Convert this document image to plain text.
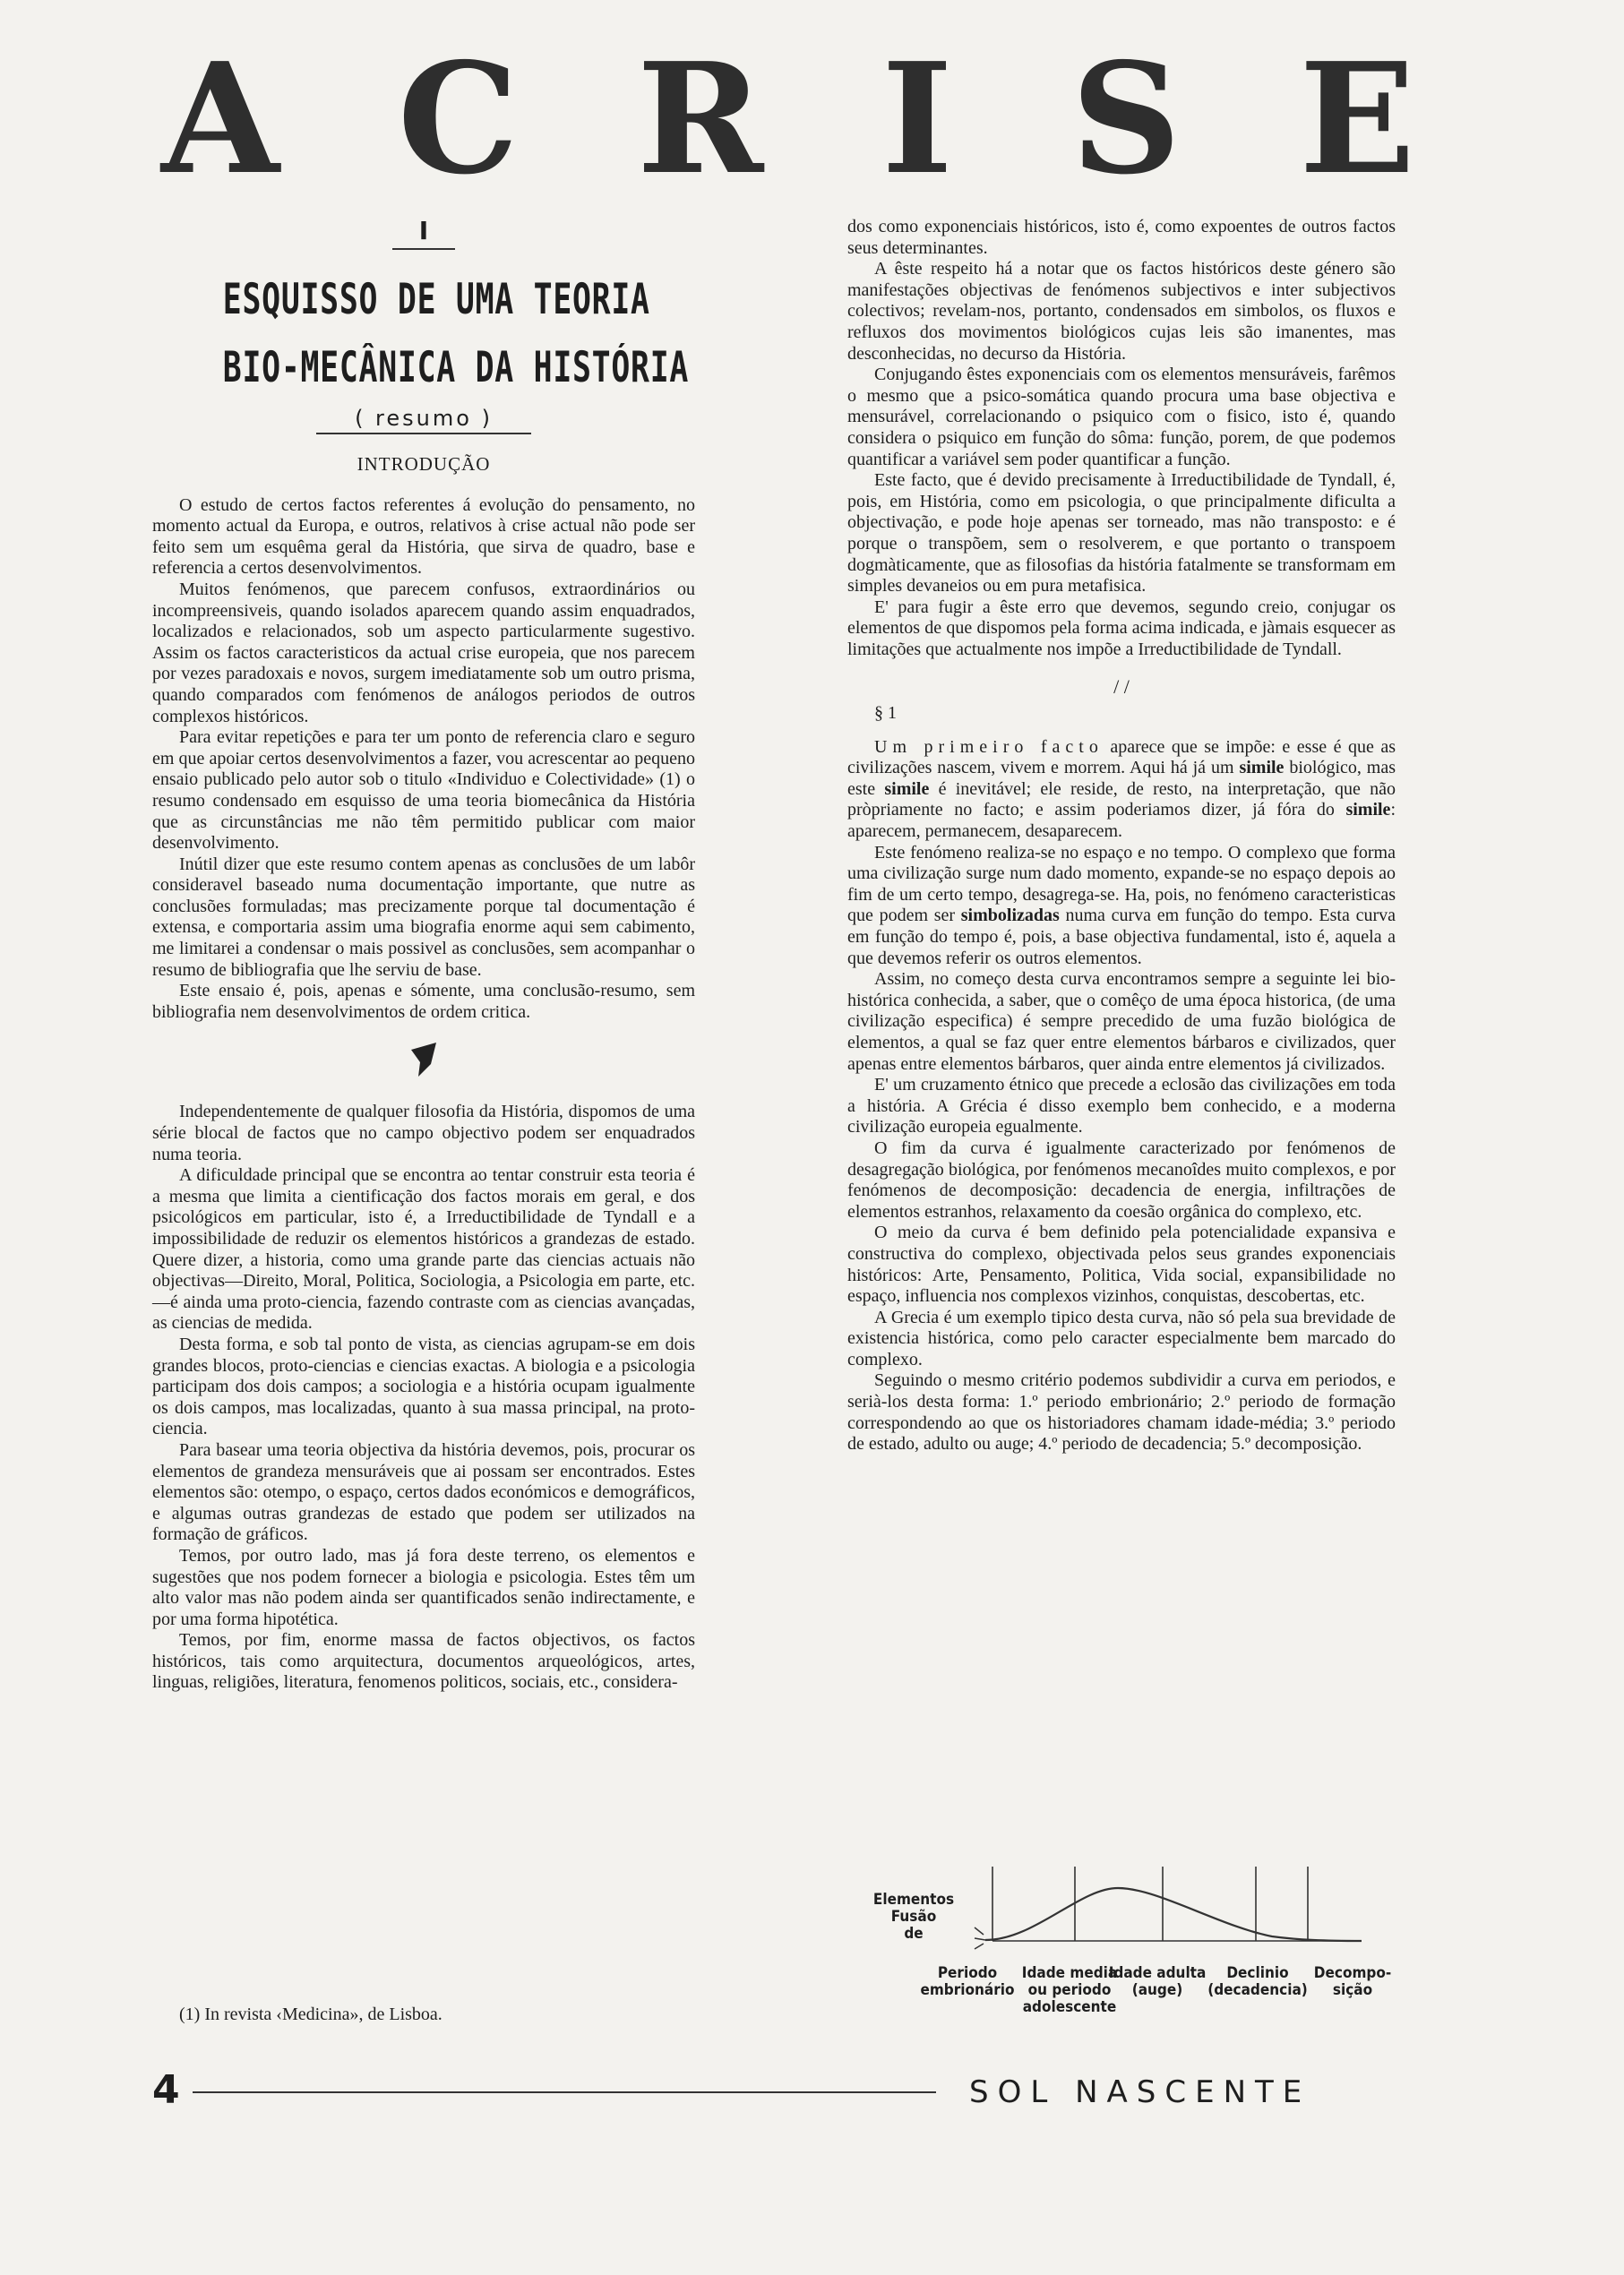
A C R I S E
I
ESQUISSO DE UMA TEORIA
BIO-MECÂNICA DA HISTÓRIA
( resumo )
INTRODUÇÃO

O estudo de certos factos referentes á evolução do pensamento, no momento actual da Europa, e outros, relativos à crise actual não pode ser feito sem um esquêma geral da História, que sirva de quadro, base e referencia a certos desenvolvimentos.

Muitos fenómenos, que parecem confusos, extraordinários ou incompreensiveis, quando isolados aparecem quando assim enquadrados, localizados e relacionados, sob um aspecto particularmente sugestivo. Assim os factos caracteristicos da actual crise europeia, que nos parecem por vezes paradoxais e novos, surgem imediatamente sob um outro prisma, quando comparados com fenómenos de análogos periodos de outros complexos históricos.

Para evitar repetições e para ter um ponto de referencia claro e seguro em que apoiar certos desenvolvimentos a fazer, vou acrescentar ao pequeno ensaio publicado pelo autor sob o titulo «Individuo e Colectividade» (1) o resumo condensado em esquisso de uma teoria biomecânica da História que as circunstâncias me não têm permitido publicar com maior desenvolvimento.

Inútil dizer que este resumo contem apenas as conclusões de um labôr consideravel baseado numa documentação importante, que nutre as conclusões formuladas; mas precizamente porque tal documentação é extensa, e comportaria assim uma biografia enorme aqui sem cabimento, me limitarei a condensar o mais possivel as conclusões, sem acompanhar o resumo de bibliografia que lhe serviu de base.

Este ensaio é, pois, apenas e sómente, uma conclusão-resumo, sem bibliografia nem desenvolvimentos de ordem critica.

Independentemente de qualquer filosofia da História, dispomos de uma série blocal de factos que no campo objectivo podem ser enquadrados numa teoria.

A dificuldade principal que se encontra ao tentar construir esta teoria é a mesma que limita a cientificação dos factos morais em geral, e dos psicológicos em particular, isto é, a Irreductibilidade de Tyndall e a impossibilidade de reduzir os elementos históricos a grandezas de estado. Quere dizer, a historia, como uma grande parte das ciencias actuais não objectivas—Direito, Moral, Politica, Sociologia, a Psicologia em parte, etc.—é ainda uma proto-ciencia, fazendo contraste com as ciencias avançadas, as ciencias de medida.

Desta forma, e sob tal ponto de vista, as ciencias agrupam-se em dois grandes blocos, proto-ciencias e ciencias exactas. A biologia e a psicologia participam dos dois campos; a sociologia e a história ocupam igualmente os dois campos, mas localizadas, quanto à sua massa principal, na proto-ciencia.

Para basear uma teoria objectiva da história devemos, pois, procurar os elementos de grandeza mensuráveis que ai possam ser encontrados. Estes elementos são: otempo, o espaço, certos dados económicos e demográficos, e algumas outras grandezas de estado que podem ser utilizados na formação de gráficos.

Temos, por outro lado, mas já fora deste terreno, os elementos e sugestões que nos podem fornecer a biologia e psicologia. Estes têm um alto valor mas não podem ainda ser quantificados senão indirectamente, e por uma forma hipotética.

Temos, por fim, enorme massa de factos objectivos, os factos históricos, tais como arquitectura, documentos arqueológicos, artes, linguas, religiões, literatura, fenomenos politicos, sociais, etc., considera-

dos como exponenciais históricos, isto é, como expoentes de outros factos seus determinantes.

A êste respeito há a notar que os factos históricos deste género são manifestações objectivas de fenómenos subjectivos e inter subjectivos colectivos; revelam-nos, portanto, condensados em simbolos, os fluxos e refluxos dos movimentos biológicos cujas leis são imanentes, mas desconhecidas, no decurso da História.

Conjugando êstes exponenciais com os elementos mensuráveis, farêmos o mesmo que a psico-somática quando procura uma base objectiva e mensurável, correlacionando o psiquico com o fisico, isto é, quando considera o psiquico em função do sôma: função, porem, de que podemos quantificar a variável sem poder quantificar a função.

Este facto, que é devido precisamente à Irreductibilidade de Tyndall, é, pois, em História, como em psicologia, o que principalmente dificulta a objectivação, e pode hoje apenas ser torneado, mas não transposto: e é porque o transpõem, sem o resolverem, e que portanto o transpoem dogmàticamente, que as filosofias da história fatalmente se transformam em simples devaneios ou em pura metafisica.

E' para fugir a êste erro que devemos, segundo creio, conjugar os elementos de que dispomos pela forma acima indicada, e jàmais esquecer as limitações que actualmente nos impõe a Irreductibilidade de Tyndall.

/ /
§ 1

Um primeiro facto aparece que se impõe: e esse é que as civilizações nascem, vivem e morrem. Aqui há já um simile biológico, mas este simile é inevitável; ele reside, de resto, na interpretação, que não pròpriamente no facto; e assim poderiamos dizer, já fóra do simile: aparecem, permanecem, desaparecem.

Este fenómeno realiza-se no espaço e no tempo. O complexo que forma uma civilização surge num dado momento, expande-se no espaço depois ao fim de um certo tempo, desagrega-se. Ha, pois, no fenómeno caracteristicas que podem ser simbolizadas numa curva em função do tempo. Esta curva em função do tempo é, pois, a base objectiva fundamental, isto é, aquela a que devemos referir os outros elementos.

Assim, no começo desta curva encontramos sempre a seguinte lei bio-histórica conhecida, a saber, que o comêço de uma época historica, (de uma civilização especifica) é sempre precedido de uma fuzão biológica de elementos, a qual se faz quer entre elementos bárbaros e civilizados, quer apenas entre elementos bárbaros, quer ainda entre elementos já civilizados.

E' um cruzamento étnico que precede a eclosão das civilizações em toda a história. A Grécia é disso exemplo bem conhecido, e a moderna civilização europeia egualmente.

O fim da curva é igualmente caracterizado por fenómenos de desagregação biológica, por fenómenos mecanoîdes muito complexos, e por fenómenos de decomposição: decadencia de energia, infiltrações de elementos estranhos, relaxamento da coesão orgânica do complexo, etc.

O meio da curva é bem definido pela potencialidade expansiva e constructiva do complexo, objectivada pelos seus grandes exponenciais históricos: Arte, Pensamento, Politica, Vida social, expansibilidade no espaço, influencia nos complexos vizinhos, conquistas, descobertas, etc.

A Grecia é um exemplo tipico desta curva, não só pela sua brevidade de existencia histórica, como pelo caracter especialmente bem marcado do complexo.

Seguindo o mesmo critério podemos subdividir a curva em periodos, e serià-los desta forma: 1.º periodo embrionário; 2.º periodo de formação correspondendo ao que os historiadores chamam idade-média; 3.º periodo de estado, adulto ou auge; 4.º periodo de decadencia; 5.º decomposição.

Elementos
Fusão
de
Periodo
embrionário
Idade media
ou periodo
adolescente
Idade adulta
(auge)
Declinio
(decadencia)
Decompo-
sição
(1) In revista ‹Medicina», de Lisboa.
4	SOL NASCENTE
